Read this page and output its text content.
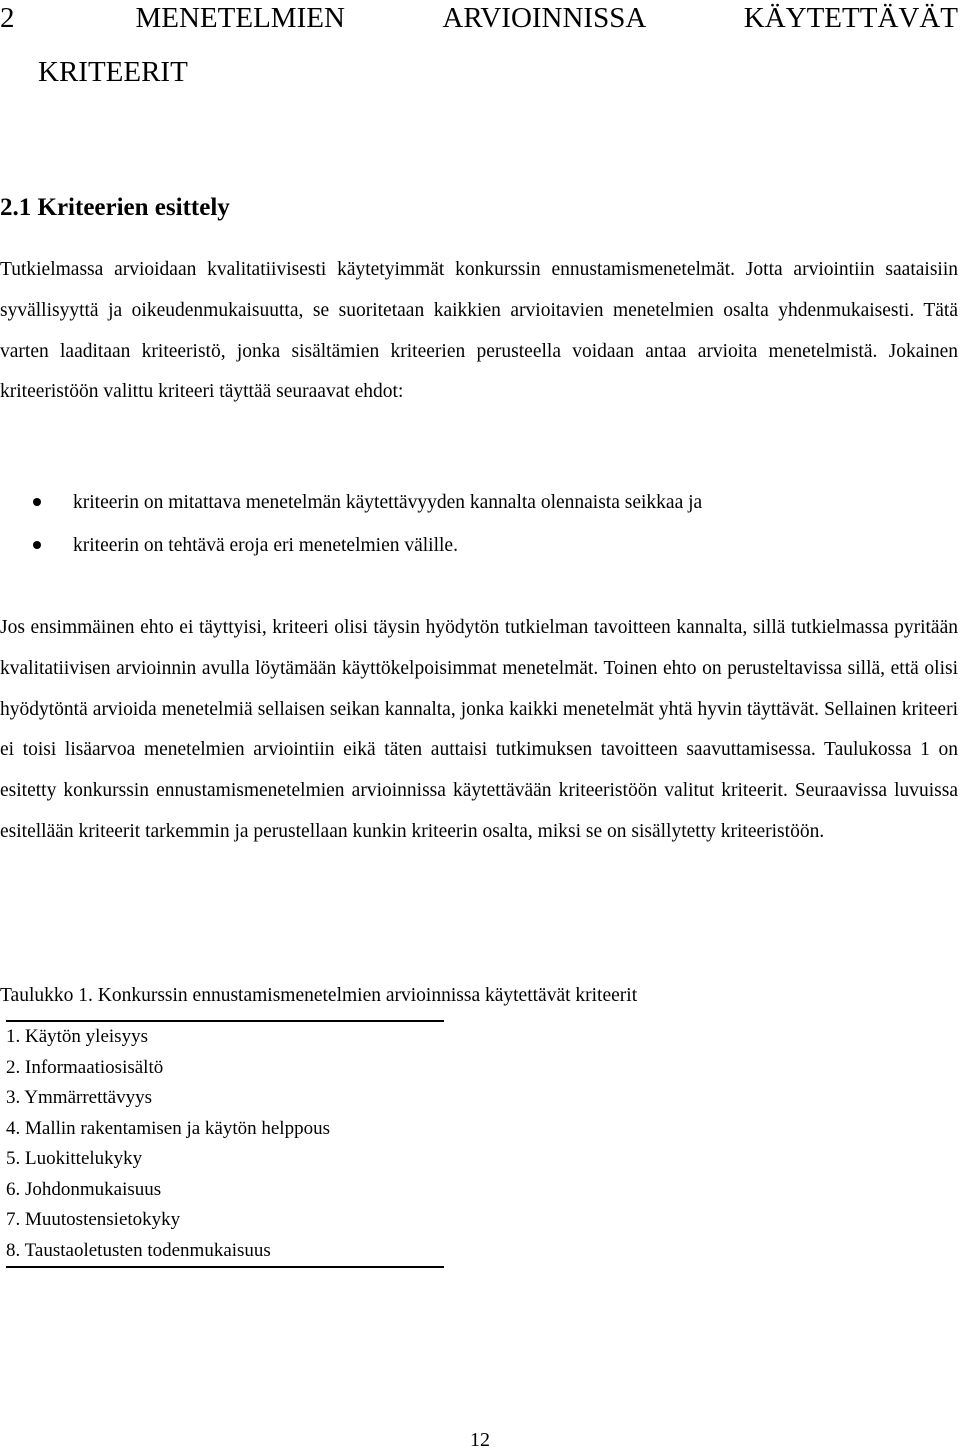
2	MENETELMIEN	ARVIOINNISSA	KÄYTETTÄVÄT
KRITEERIT
2.1 Kriteerien esittely

Tutkielmassa arvioidaan kvalitatiivisesti käytetyimmät konkurssin ennustamismenetelmät. Jotta arviointiin saataisiin syvällisyyttä ja oikeudenmukaisuutta, se suoritetaan kaikkien arvioitavien menetelmien osalta yhdenmukaisesti. Tätä varten laaditaan kriteeristö, jonka sisältämien kriteerien perusteella voidaan antaa arvioita menetelmistä. Jokainen kriteeristöön valittu kriteeri täyttää seuraavat ehdot:

kriteerin on mitattava menetelmän käytettävyyden kannalta olennaista seikkaa ja
kriteerin on tehtävä eroja eri menetelmien välille.

Jos ensimmäinen ehto ei täyttyisi, kriteeri olisi täysin hyödytön tutkielman tavoitteen kannalta, sillä tutkielmassa pyritään kvalitatiivisen arvioinnin avulla löytämään käyttökelpoisimmat menetelmät. Toinen ehto on perusteltavissa sillä, että olisi hyödytöntä arvioida menetelmiä sellaisen seikan kannalta, jonka kaikki menetelmät yhtä hyvin täyttävät. Sellainen kriteeri ei toisi lisäarvoa menetelmien arviointiin eikä täten auttaisi tutkimuksen tavoitteen saavuttamisessa. Taulukossa 1 on esitetty konkurssin ennustamismenetelmien arvioinnissa käytettävään kriteeristöön valitut kriteerit. Seuraavissa luvuissa esitellään kriteerit tarkemmin ja perustellaan kunkin kriteerin osalta, miksi se on sisällytetty kriteeristöön.

Taulukko 1. Konkurssin ennustamismenetelmien arvioinnissa käytettävät kriteerit
1. Käytön yleisyys
2. Informaatiosisältö
3. Ymmärrettävyys
4. Mallin rakentamisen ja käytön helppous
5. Luokittelukyky
6. Johdonmukaisuus
7. Muutostensietokyky
8. Taustaoletusten todenmukaisuus
12
